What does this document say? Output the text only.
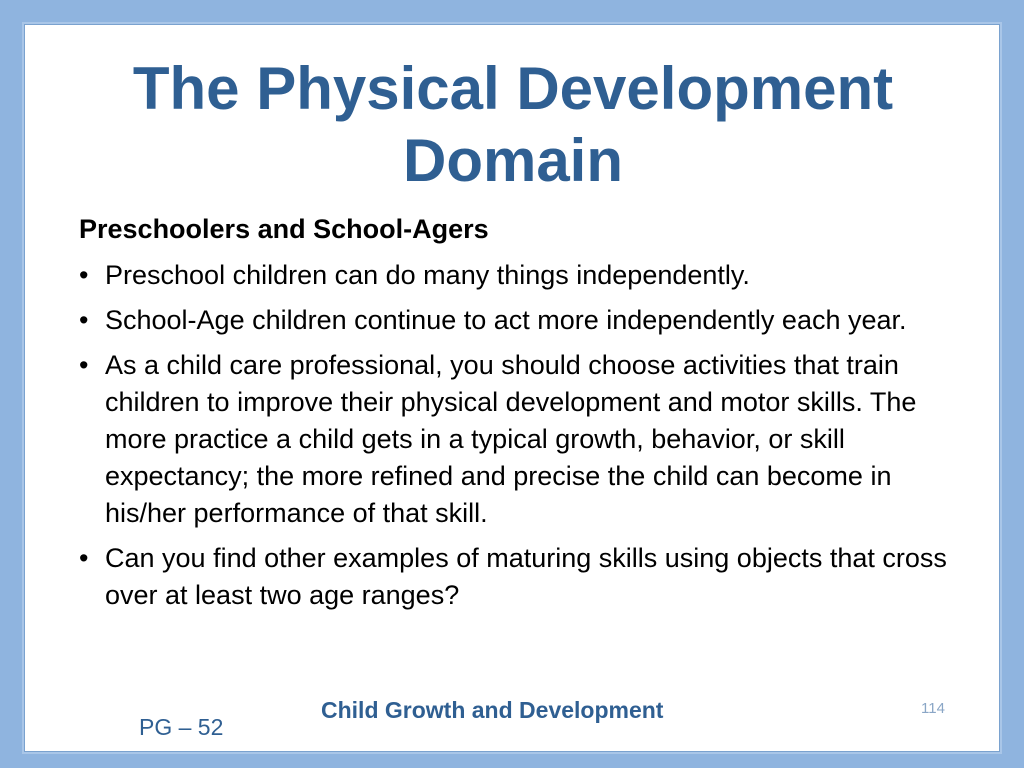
The Physical Development Domain
Preschoolers and School-Agers
• Preschool children can do many things independently.
• School-Age children continue to act more independently each year.
• As a child care professional, you should choose activities that train children to improve their physical development and motor skills. The more practice a child gets in a typical growth, behavior, or skill expectancy; the more refined and precise the child can become in his/her performance of that skill.
• Can you find other examples of maturing skills using objects that cross over at least two age ranges?
Child Growth and Development	114
PG – 52
